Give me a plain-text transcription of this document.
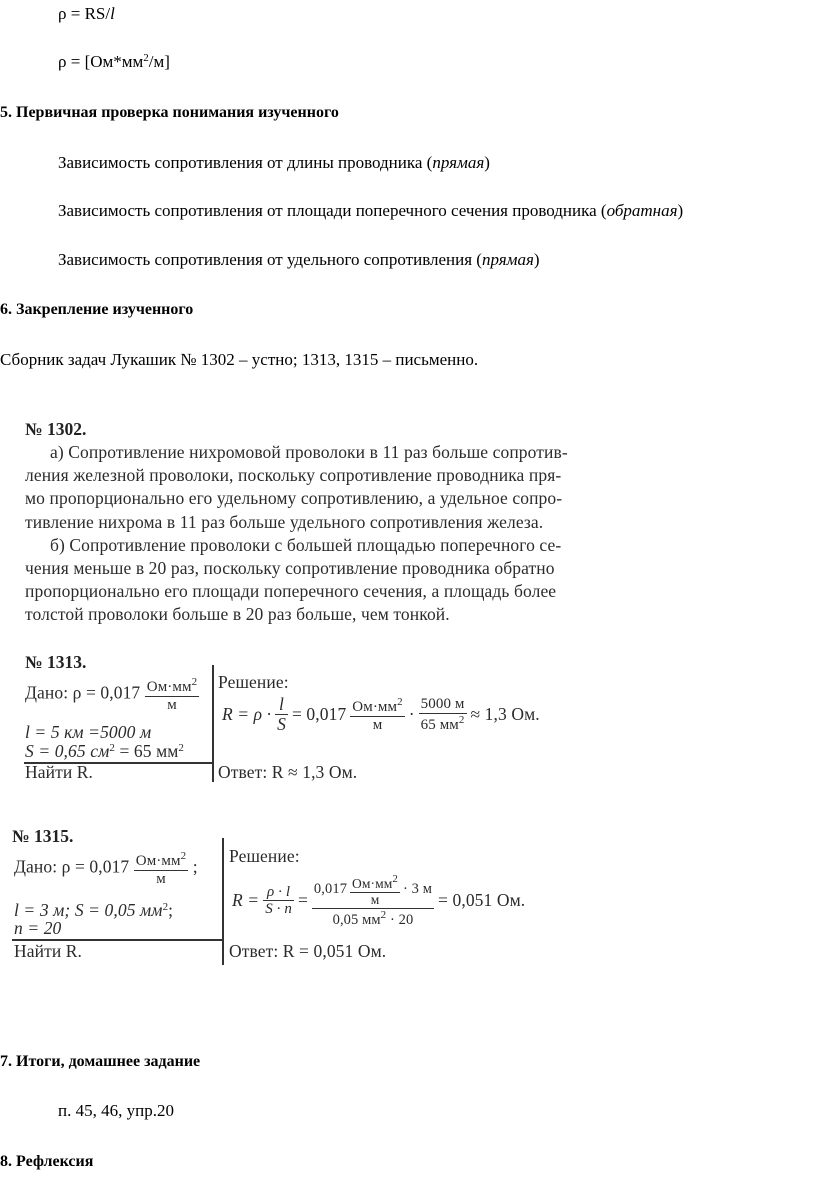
ρ = RS/l
$\rho = [Ом*мм^2/м]$
5. Первичная проверка понимания изученного
Зависимость сопротивления от длины проводника (прямая)
Зависимость сопротивления от площади поперечного сечения проводника (обратная)
Зависимость сопротивления от удельного сопротивления (прямая)
6. Закрепление изученного
Сборник задач Лукашик № 1302 – устно; 1313, 1315 – письменно.
№ 1302.
а) Сопротивление нихромовой проволоки в 11 раз больше сопротив-
ления железной проволоки, поскольку сопротивление проводника пря-
мо пропорционально его удельному сопротивлению, а удельное сопро-
тивление нихрома в 11 раз больше удельного сопротивления железа.
б) Сопротивление проволоки с большей площадью поперечного се-
чения меньше в 20 раз, поскольку сопротивление проводника обратно
пропорционально его площади поперечного сечения, а площадь более
толстой проволоки больше в 20 раз больше, чем тонкой.
№ 1313.
Дано: $\rho = 0,017 \frac{Ом\cdot мм^2}{м}$
l = 5 км =5000 м
S = 0,65 $см^2 = 65$ $мм^2$
Найти R.
Решение:
$R = \rho \cdot \frac{l}{S} = 0,017 \frac{Ом\cdot мм^2}{м} \cdot \frac{5000 м}{65 мм^2} \approx 1,3$ Ом.
Ответ: R ≈ 1,3 Ом.
№ 1315.
Дано: $\rho = 0,017 \frac{Ом\cdot мм^2}{м}$ ;
l = 3 м; S = 0,05 $мм^2$;
n = 20
Найти R.
Решение:
$R = \frac{\rho \cdot l}{S \cdot n} = \frac{0,017 \frac{Ом\cdot мм^2}{м} \cdot 3 м}{0,05 мм^2 \cdot 20} = 0,051$ Ом.
Ответ: R = 0,051 Ом.
7. Итоги, домашнее задание
п. 45, 46, упр.20
8. Рефлексия
